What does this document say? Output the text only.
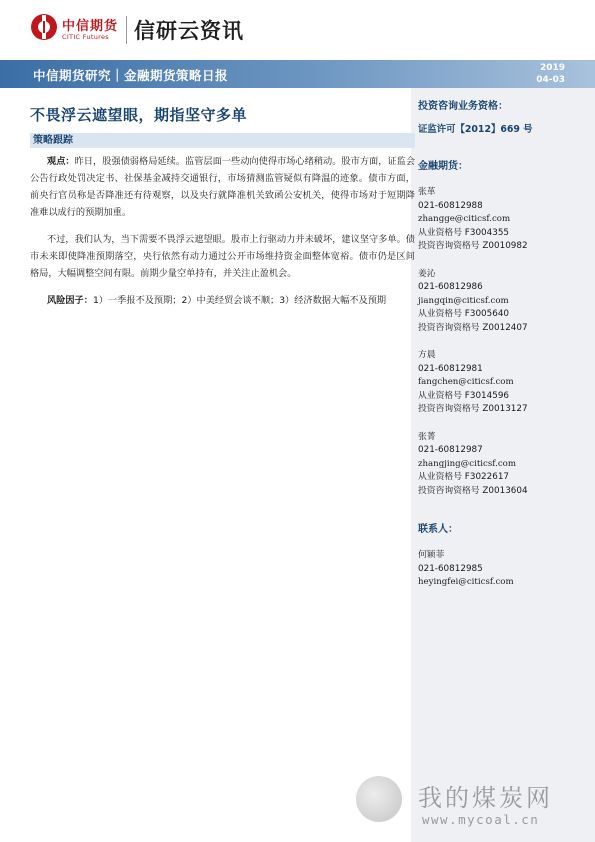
中信期货
CITIC Futures 信研云资讯
中信期货研究｜金融期货策略日报	2019
04-03
不畏浮云遮望眼，期指坚守多单
策略跟踪

观点：昨日，股强债弱格局延续。监管层面一些动向使得市场心绪稍动。股市方面，证监会公告行政处罚决定书、社保基金减持交通银行，市场猜测监管疑似有降温的迹象。债市方面，前央行官员称是否降准还有待观察，以及央行就降准机关致函公安机关，使得市场对于短期降准难以成行的预期加重。

不过，我们认为，当下需要不畏浮云遮望眼。股市上行驱动力并未破坏，建议坚守多单。债市未来即使降准预期落空，央行依然有动力通过公开市场维持资金面整体宽裕。债市仍是区间格局，大幅调整空间有限。前期少量空单持有，并关注止盈机会。

风险因子：1）一季报不及预期；2）中美经贸会谈不顺；3）经济数据大幅不及预期

投资咨询业务资格：
证监许可【2012】669 号
金融期货：
张革
021-60812988
zhangge@citicsf.com
从业资格号 F3004355
投资咨询资格号 Z0010982
姜沁
021-60812986
jiangqin@citicsf.com
从业资格号 F3005640
投资咨询资格号 Z0012407
方晨
021-60812981
fangchen@citicsf.com
从业资格号 F3014596
投资咨询资格号 Z0013127
张菁
021-60812987
zhangjing@citicsf.com
从业资格号 F3022617
投资咨询资格号 Z0013604
联系人：
何颖菲
021-60812985
heyingfei@citicsf.com
我的煤炭网
www.mycoal.cn
